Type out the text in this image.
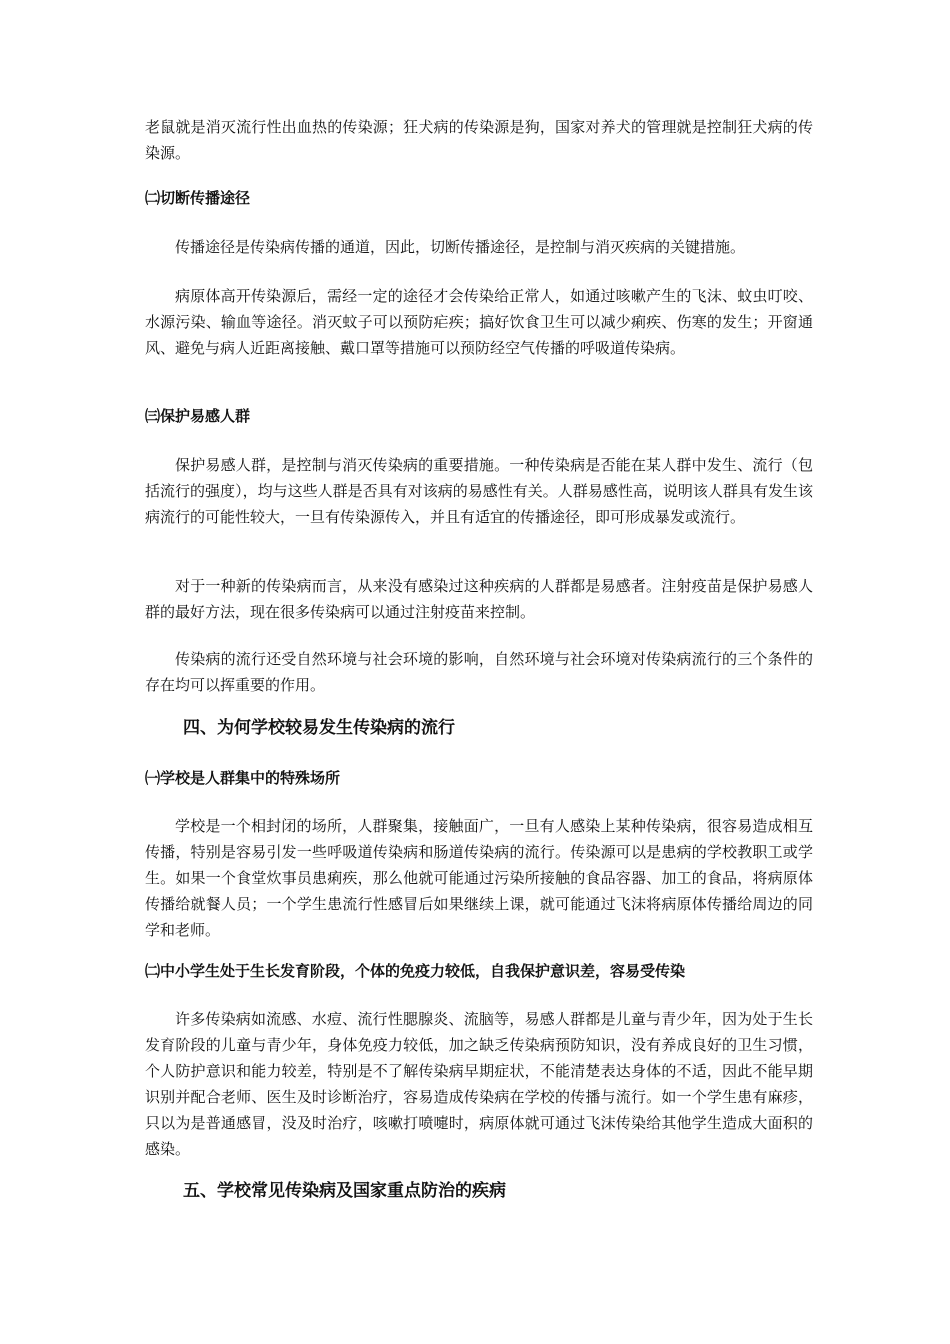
老鼠就是消灭流行性出血热的传染源；狂犬病的传染源是狗，国家对养犬的管理就是控制狂犬病的传染源。

㈡切断传播途径

传播途径是传染病传播的通道，因此，切断传播途径，是控制与消灭疾病的关键措施。

病原体高开传染源后，需经一定的途径才会传染给正常人，如通过咳嗽产生的飞沫、蚊虫叮咬、水源污染、输血等途径。消灭蚊子可以预防疟疾；搞好饮食卫生可以减少痢疾、伤寒的发生；开窗通风、避免与病人近距离接触、戴口罩等措施可以预防经空气传播的呼吸道传染病。

㈢保护易感人群

保护易感人群，是控制与消灭传染病的重要措施。一种传染病是否能在某人群中发生、流行（包括流行的强度），均与这些人群是否具有对该病的易感性有关。人群易感性高，说明该人群具有发生该病流行的可能性较大，一旦有传染源传入，并且有适宜的传播途径，即可形成暴发或流行。

对于一种新的传染病而言，从来没有感染过这种疾病的人群都是易感者。注射疫苗是保护易感人群的最好方法，现在很多传染病可以通过注射疫苗来控制。

传染病的流行还受自然环境与社会环境的影响，自然环境与社会环境对传染病流行的三个条件的存在均可以挥重要的作用。

四、为何学校较易发生传染病的流行

㈠学校是人群集中的特殊场所

学校是一个相封闭的场所，人群聚集，接触面广，一旦有人感染上某种传染病，很容易造成相互传播，特别是容易引发一些呼吸道传染病和肠道传染病的流行。传染源可以是患病的学校教职工或学生。如果一个食堂炊事员患痢疾，那么他就可能通过污染所接触的食品容器、加工的食品，将病原体传播给就餐人员；一个学生患流行性感冒后如果继续上课，就可能通过飞沫将病原体传播给周边的同学和老师。

㈡中小学生处于生长发育阶段，个体的免疫力较低，自我保护意识差，容易受传染

许多传染病如流感、水痘、流行性腮腺炎、流脑等，易感人群都是儿童与青少年，因为处于生长发育阶段的儿童与青少年，身体免疫力较低，加之缺乏传染病预防知识，没有养成良好的卫生习惯，个人防护意识和能力较差，特别是不了解传染病早期症状，不能清楚表达身体的不适，因此不能早期识别并配合老师、医生及时诊断治疗，容易造成传染病在学校的传播与流行。如一个学生患有麻疹，只以为是普通感冒，没及时治疗，咳嗽打喷嚏时，病原体就可通过飞沫传染给其他学生造成大面积的感染。

五、学校常见传染病及国家重点防治的疾病
